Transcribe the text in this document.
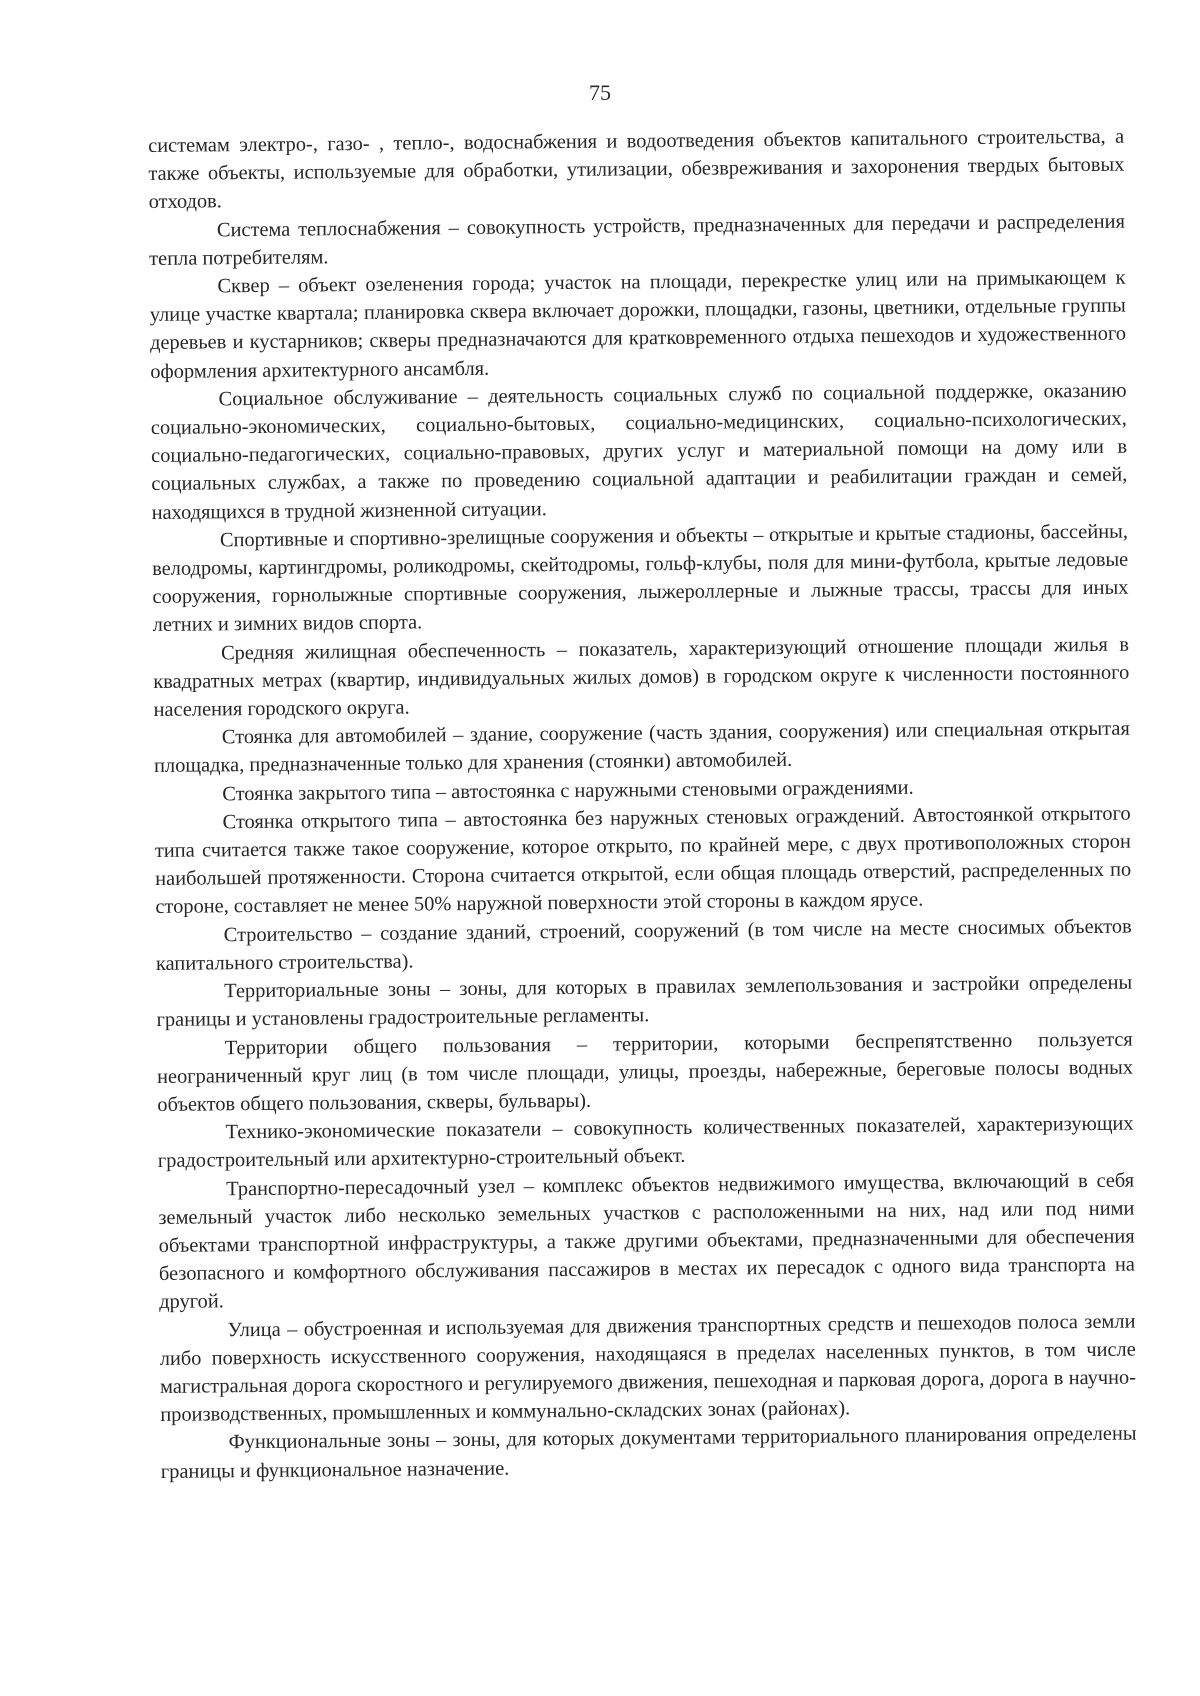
75

системам электро-, газо- , тепло-, водоснабжения и водоотведения объектов капитального строительства, а также объекты, используемые для обработки, утилизации, обезвреживания и захоронения твердых бытовых отходов.

Система теплоснабжения – совокупность устройств, предназначенных для передачи и распределения тепла потребителям.

Сквер – объект озеленения города; участок на площади, перекрестке улиц или на примыкающем к улице участке квартала; планировка сквера включает дорожки, площадки, газоны, цветники, отдельные группы деревьев и кустарников; скверы предназначаются для кратковременного отдыха пешеходов и художественного оформления архитектурного ансамбля.

Социальное обслуживание – деятельность социальных служб по социальной поддержке, оказанию социально-экономических, социально-бытовых, социально-медицинских, социально-психологических, социально-педагогических, социально-правовых, других услуг и материальной помощи на дому или в социальных службах, а также по проведению социальной адаптации и реабилитации граждан и семей, находящихся в трудной жизненной ситуации.

Спортивные и спортивно-зрелищные сооружения и объекты – открытые и крытые стадионы, бассейны, велодромы, картингдромы, роликодромы, скейтодромы, гольф-клубы, поля для мини-футбола, крытые ледовые сооружения, горнолыжные спортивные сооружения, лыжероллерные и лыжные трассы, трассы для иных летних и зимних видов спорта.

Средняя жилищная обеспеченность – показатель, характеризующий отношение площади жилья в квадратных метрах (квартир, индивидуальных жилых домов) в городском округе к численности постоянного населения городского округа.

Стоянка для автомобилей – здание, сооружение (часть здания, сооружения) или специальная открытая площадка, предназначенные только для хранения (стоянки) автомобилей.

Стоянка закрытого типа – автостоянка с наружными стеновыми ограждениями.

Стоянка открытого типа – автостоянка без наружных стеновых ограждений. Автостоянкой открытого типа считается также такое сооружение, которое открыто, по крайней мере, с двух противоположных сторон наибольшей протяженности. Сторона считается открытой, если общая площадь отверстий, распределенных по стороне, составляет не менее 50% наружной поверхности этой стороны в каждом ярусе.

Строительство – создание зданий, строений, сооружений (в том числе на месте сносимых объектов капитального строительства).

Территориальные зоны – зоны, для которых в правилах землепользования и застройки определены границы и установлены градостроительные регламенты.

Территории общего пользования – территории, которыми беспрепятственно пользуется неограниченный круг лиц (в том числе площади, улицы, проезды, набережные, береговые полосы водных объектов общего пользования, скверы, бульвары).

Технико-экономические показатели – совокупность количественных показателей, характеризующих градостроительный или архитектурно-строительный объект.

Транспортно-пересадочный узел – комплекс объектов недвижимого имущества, включающий в себя земельный участок либо несколько земельных участков с расположенными на них, над или под ними объектами транспортной инфраструктуры, а также другими объектами, предназначенными для обеспечения безопасного и комфортного обслуживания пассажиров в местах их пересадок с одного вида транспорта на другой.

Улица – обустроенная и используемая для движения транспортных средств и пешеходов полоса земли либо поверхность искусственного сооружения, находящаяся в пределах населенных пунктов, в том числе магистральная дорога скоростного и регулируемого движения, пешеходная и парковая дорога, дорога в научно-производственных, промышленных и коммунально-складских зонах (районах).

Функциональные зоны – зоны, для которых документами территориального планирования определены границы и функциональное назначение.
